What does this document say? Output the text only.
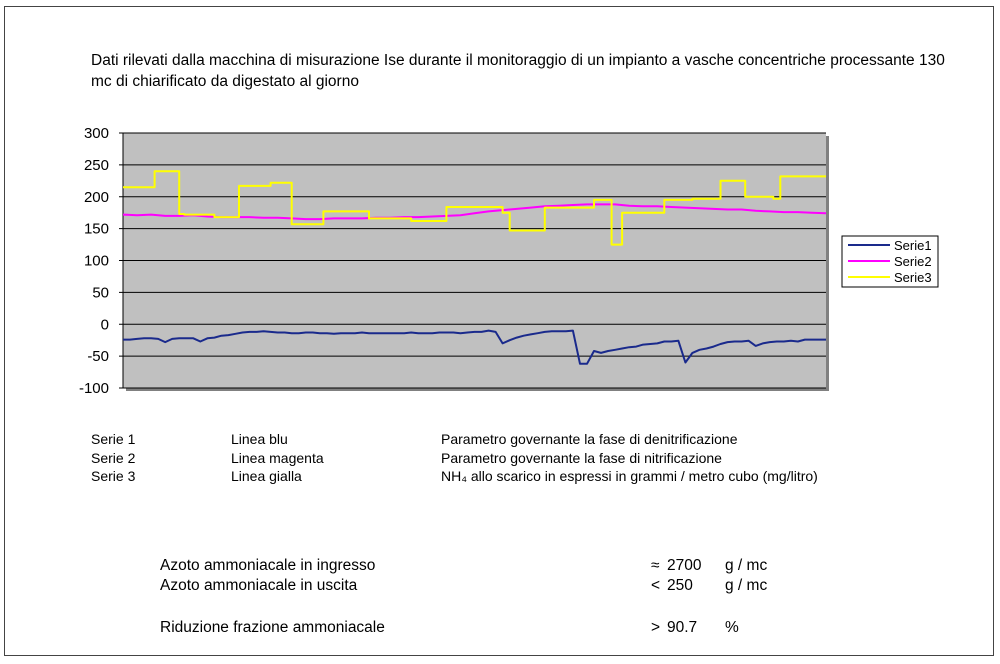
Dati rilevati dalla macchina di misurazione Ise durante il monitoraggio di un impianto a vasche concentriche processante 130 mc di chiarificato da digestato al giorno
300
250
200
150
100
50
0
-50
-100
Serie1
Serie2
Serie3
Serie 1	Linea blu	Parametro governante la fase di denitrificazione
Serie 2	Linea magenta	Parametro governante la fase di nitrificazione
Serie 3	Linea gialla	NH₄ allo scarico in espressi in grammi / metro cubo (mg/litro)
Azoto ammoniacale in ingresso	≈ 2700 g / mc
Azoto ammoniacale in uscita	< 250 g / mc
Riduzione frazione ammoniacale	> 90.7 %
